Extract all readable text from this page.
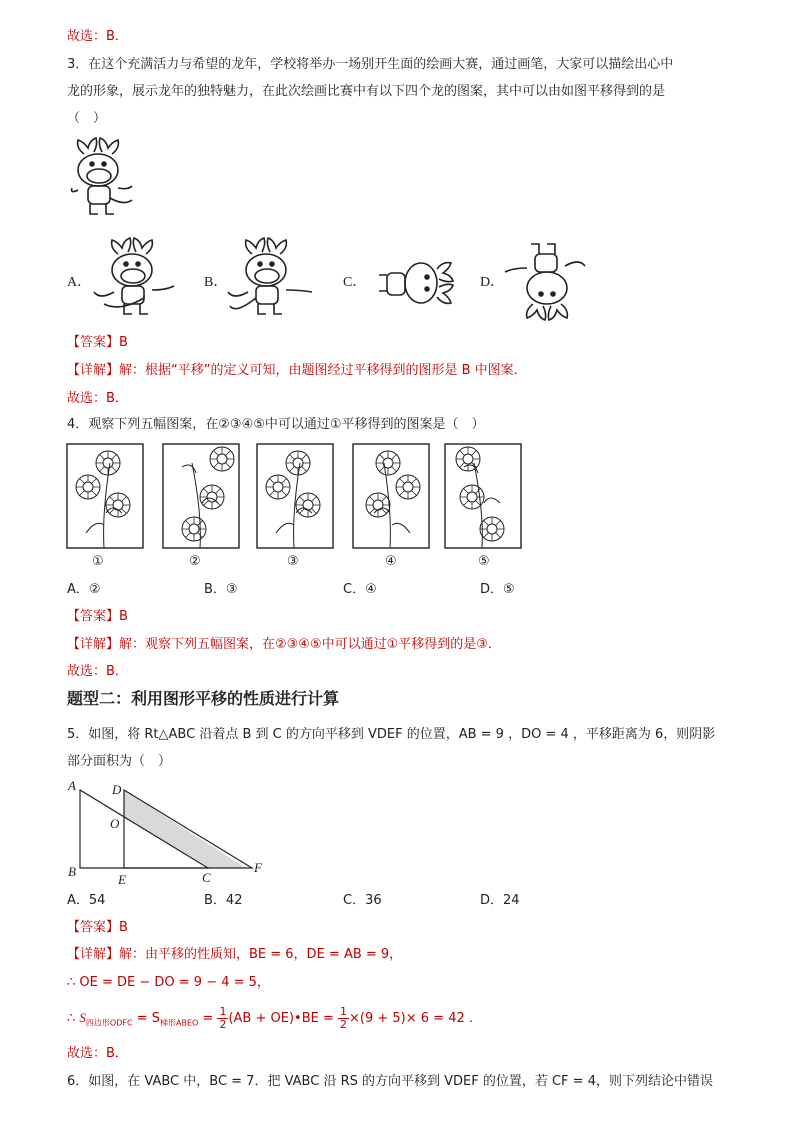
故选：B．
3．在这个充满活力与希望的龙年，学校将举办一场别开生面的绘画大赛，通过画笔，大家可以描绘出心中
龙的形象，展示龙年的独特魅力，在此次绘画比赛中有以下四个龙的图案，其中可以由如图平移得到的是
（　）
A．	B．	C．	D．
【答案】B
【详解】解：根据“平移”的定义可知，由题图经过平移得到的图形是 B 中图案．
故选：B．
4．观察下列五幅图案，在②③④⑤中可以通过①平移得到的图案是（　）
①	②	③	④	⑤
A．②	B．③	C．④	D．⑤
【答案】B
【详解】解：观察下列五幅图案，在②③④⑤中可以通过①平移得到的是③．
故选：B．
题型二：利用图形平移的性质进行计算
5．如图，将 Rt△ABC 沿着点 B 到 C 的方向平移到 VDEF 的位置，AB = 9 ，DO = 4 ，平移距离为 6，则阴影
部分面积为（　）
A
B
D
O
E	C
F
A．54	B．42	C．36	D．24
【答案】B
【详解】解：由平移的性质知，BE = 6，DE = AB = 9，
∴ OE = DE − DO = 9 − 4 = 5，
∴ $S_{四边形ODFC} = S_{梯形ABEO} = \frac{1}{2} (AB$ + OE)•BE = $\frac{1}{2} \times(9 + 5)\times 6 = 42$ .
故选：B．
6．如图，在 VABC 中，BC = 7．把 VABC 沿 RS 的方向平移到 VDEF 的位置，若 CF = 4，则下列结论中错误
